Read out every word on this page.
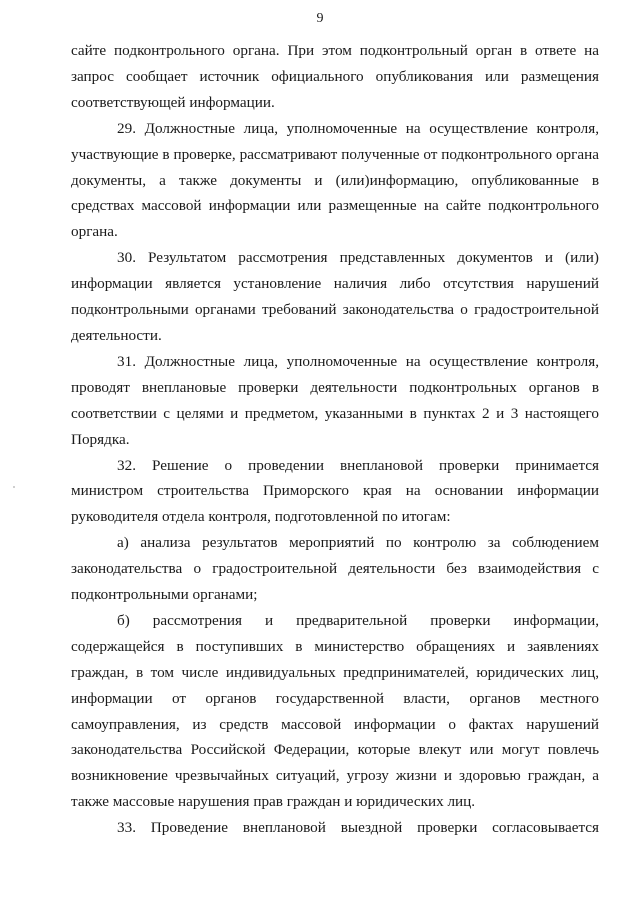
9

сайте подконтрольного органа. При этом подконтрольный орган в ответе на запрос сообщает источник официального опубликования или размещения соответствующей информации.

29. Должностные лица, уполномоченные на осуществление контроля, участвующие в проверке, рассматривают полученные от подконтрольного органа документы, а также документы и (или)информацию, опубликованные в средствах массовой информации или размещенные на сайте подконтрольного органа.

30. Результатом рассмотрения представленных документов и (или) информации является установление наличия либо отсутствия нарушений подконтрольными органами требований законодательства о градостроительной деятельности.

31. Должностные лица, уполномоченные на осуществление контроля, проводят внеплановые проверки деятельности подконтрольных органов в соответствии с целями и предметом, указанными в пунктах 2 и 3 настоящего Порядка.

32. Решение о проведении внеплановой проверки принимается министром строительства Приморского края на основании информации руководителя отдела контроля, подготовленной по итогам:

а) анализа результатов мероприятий по контролю за соблюдением законодательства о градостроительной деятельности без взаимодействия с подконтрольными органами;

б) рассмотрения и предварительной проверки информации, содержащейся в поступивших в министерство обращениях и заявлениях граждан, в том числе индивидуальных предпринимателей, юридических лиц, информации от органов государственной власти, органов местного самоуправления, из средств массовой информации о фактах нарушений законодательства Российской Федерации, которые влекут или могут повлечь возникновение чрезвычайных ситуаций, угрозу жизни и здоровью граждан, а также массовые нарушения прав граждан и юридических лиц.

33. Проведение внеплановой выездной проверки согласовывается
